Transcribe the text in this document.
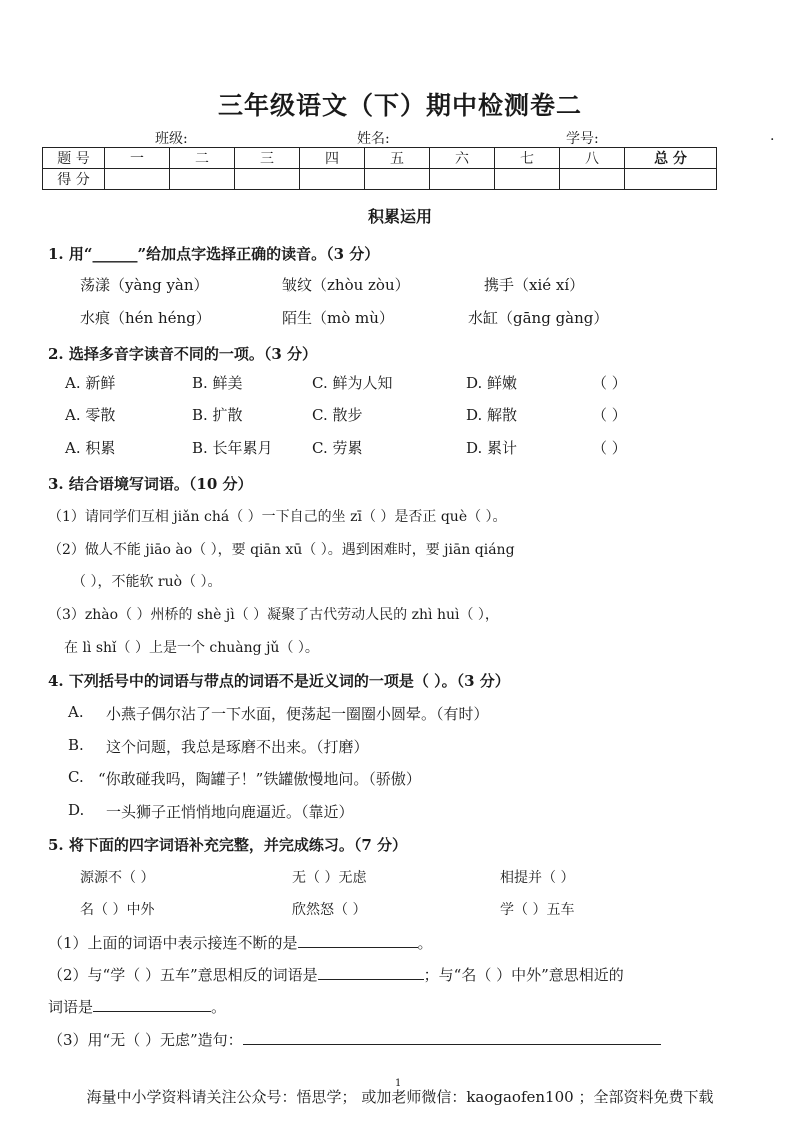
三年级语文（下）期中检测卷二
班级:	姓名:	学号:	.
题 号	一	二	三	四	五	六	七	八	总 分
得 分									
积累运用
1. 用“______”给加点字选择正确的读音。（3 分）
荡漾（yàng yàn）	皱纹（zhòu zòu）	携手（xié xí）
水痕（hén héng）	陌生（mò mù）	水缸（gāng gàng）
2. 选择多音字读音不同的一项。（3 分）
A. 新鲜	B. 鲜美	C. 鲜为人知	D. 鲜嫩	（ ）
A. 零散	B. 扩散	C. 散步	D. 解散	（ ）
A. 积累	B. 长年累月	C. 劳累	D. 累计	（ ）
3. 结合语境写词语。（10 分）
（1）请同学们互相 jiǎn chá（ ）一下自己的坐 zī（ ）是否正 què（ ）。
（2）做人不能 jiāo ào（ ），要 qiān xū（ ）。遇到困难时，要 jiān qiáng
（ ），不能软 ruò（ ）。
（3）zhào（ ）州桥的 shè jì（ ）凝聚了古代劳动人民的 zhì huì（ ），
在 lì shǐ（ ）上是一个 chuàng jǔ（ ）。
4. 下列括号中的词语与带点的词语不是近义词的一项是（ ）。（3 分）
A. 小燕子偶尔沾了一下水面，便荡起一圈圈小圆晕。（有时）
B. 这个问题，我总是琢磨不出来。（打磨）
C. “你敢碰我吗，陶罐子！”铁罐傲慢地问。（骄傲）
D. 一头狮子正悄悄地向鹿逼近。（靠近）
5. 将下面的四字词语补充完整，并完成练习。（7 分）
源源不（ ）	无（ ）无虑	相提并（ ）
名（ ）中外	欣然怒（ ）	学（ ）五车
（1）上面的词语中表示接连不断的是	。
（2）与“学（ ）五车”意思相反的词语是	；与“名（ ）中外”意思相近的
词语是	。
（3）用“无（ ）无虑”造句：
1
海量中小学资料请关注公众号：悟思学； 或加老师微信：kaogaofen100 ；全部资料免费下载
